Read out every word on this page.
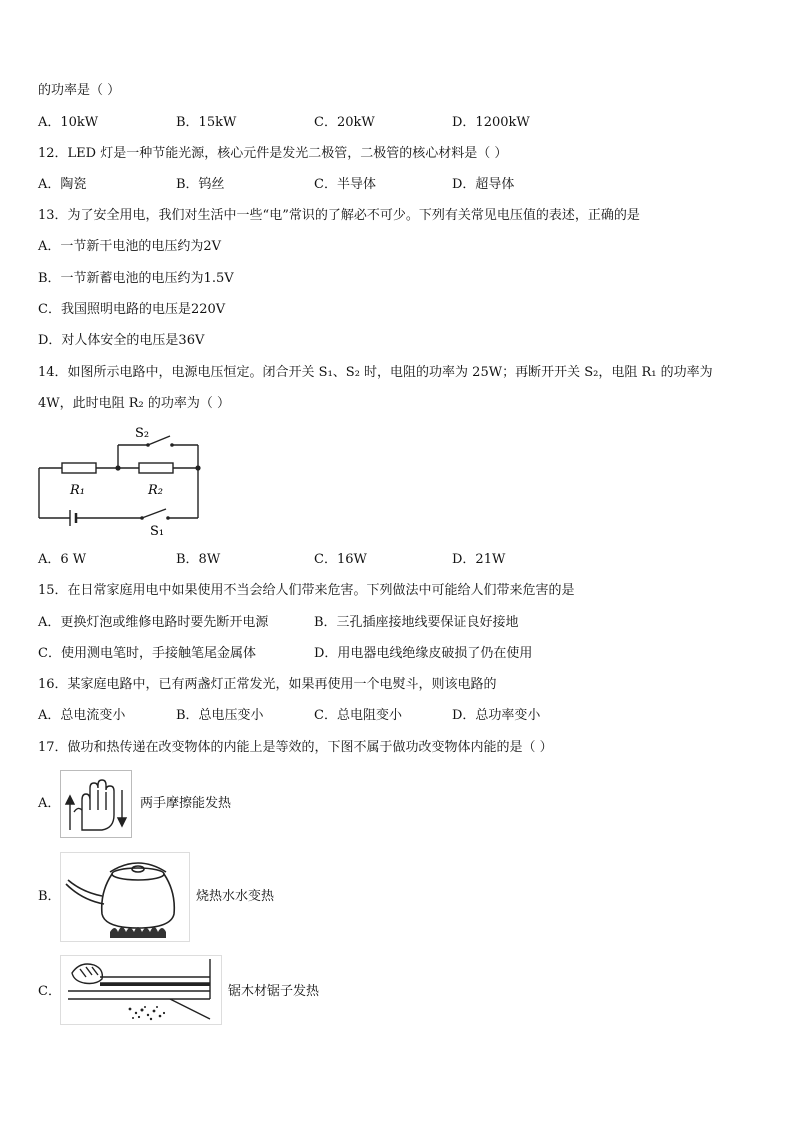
的功率是（ ）
A．10kW	B．15kW	C．20kW	D．1200kW
12．LED 灯是一种节能光源，核心元件是发光二极管，二极管的核心材料是（ ）
A．陶瓷	B．钨丝	C．半导体	D．超导体
13．为了安全用电，我们对生活中一些“电”常识的了解必不可少。下列有关常见电压值的表述，正确的是
A．一节新干电池的电压约为2V
B．一节新蓄电池的电压约为1.5V
C．我国照明电路的电压是220V
D．对人体安全的电压是36V
14．如图所示电路中，电源电压恒定。闭合开关 S₁、S₂ 时，电阻的功率为 25W；再断开开关 S₂，电阻 R₁ 的功率为
4W，此时电阻 R₂ 的功率为（ ）
S₂
R₁	R₂
S₁
A．6 W	B．8W	C．16W	D．21W
15．在日常家庭用电中如果使用不当会给人们带来危害。下列做法中可能给人们带来危害的是
A．更换灯泡或维修电路时要先断开电源	B．三孔插座接地线要保证良好接地
C．使用测电笔时，手接触笔尾金属体	D．用电器电线绝缘皮破损了仍在使用
16．某家庭电路中，已有两盏灯正常发光，如果再使用一个电熨斗，则该电路的
A．总电流变小	B．总电压变小	C．总电阻变小	D．总功率变小
17．做功和热传递在改变物体的内能上是等效的，下图不属于做功改变物体内能的是（ ）
A．	两手摩擦能发热
B．	烧热水水变热
C．	锯木材锯子发热
